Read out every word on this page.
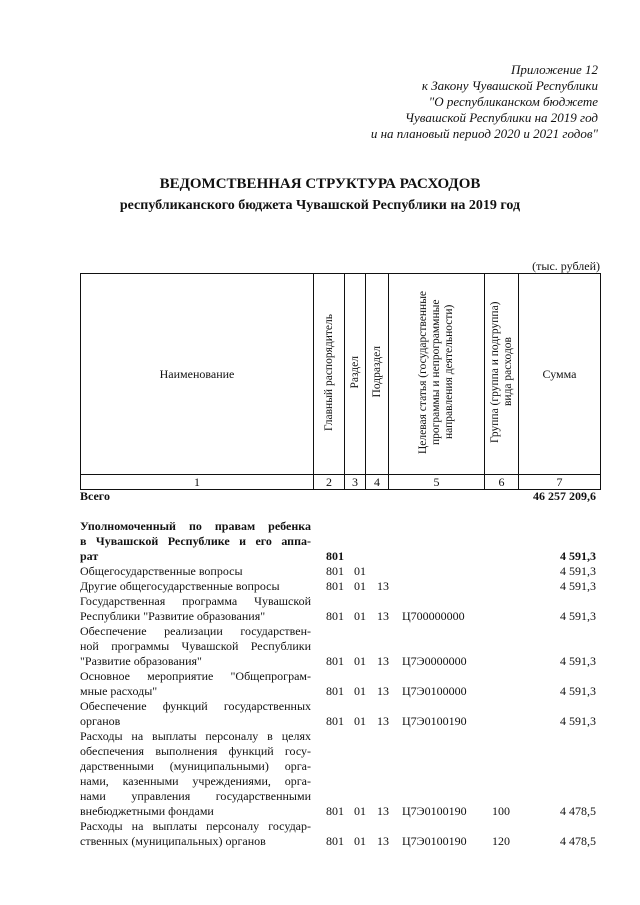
Приложение 12
к Закону Чувашской Республики
"О республиканском бюджете
Чувашской Республики на 2019 год
и на плановый период 2020 и 2021 годов"
ВЕДОМСТВЕННАЯ СТРУКТУРА РАСХОДОВ
республиканского бюджета Чувашской Республики на 2019 год
(тыс. рублей)
Наименование	Главный распорядитель	Раздел	Подраздел	Целевая статья (государственные программы и непрограммные направления деятельности)	Группа (группа и подгруппа) вида расходов	Сумма
1	2	3	4	5	6	7
Всего	46 257 209,6
Уполномоченный по правам ребенка
в Чувашской Республике и его аппа-
рат	801	4 591,3
Общегосударственные вопросы	801 01	4 591,3
Другие общегосударственные вопросы	801 01 13	4 591,3
Государственная программа Чувашской
Республики "Развитие образования"	801 01 13 Ц700000000	4 591,3
Обеспечение реализации государствен-
ной программы Чувашской Республики
"Развитие образования"	801 01 13 Ц7Э0000000	4 591,3
Основное мероприятие "Общепрограм-
мные расходы"	801 01 13 Ц7Э0100000	4 591,3
Обеспечение функций государственных
органов	801 01 13 Ц7Э0100190	4 591,3
Расходы на выплаты персоналу в целях
обеспечения выполнения функций госу-
дарственными (муниципальными) орга-
нами, казенными учреждениями, орга-
нами управления государственными
внебюджетными фондами	801 01 13 Ц7Э0100190 100	4 478,5
Расходы на выплаты персоналу государ-
ственных (муниципальных) органов	801 01 13 Ц7Э0100190 120	4 478,5
